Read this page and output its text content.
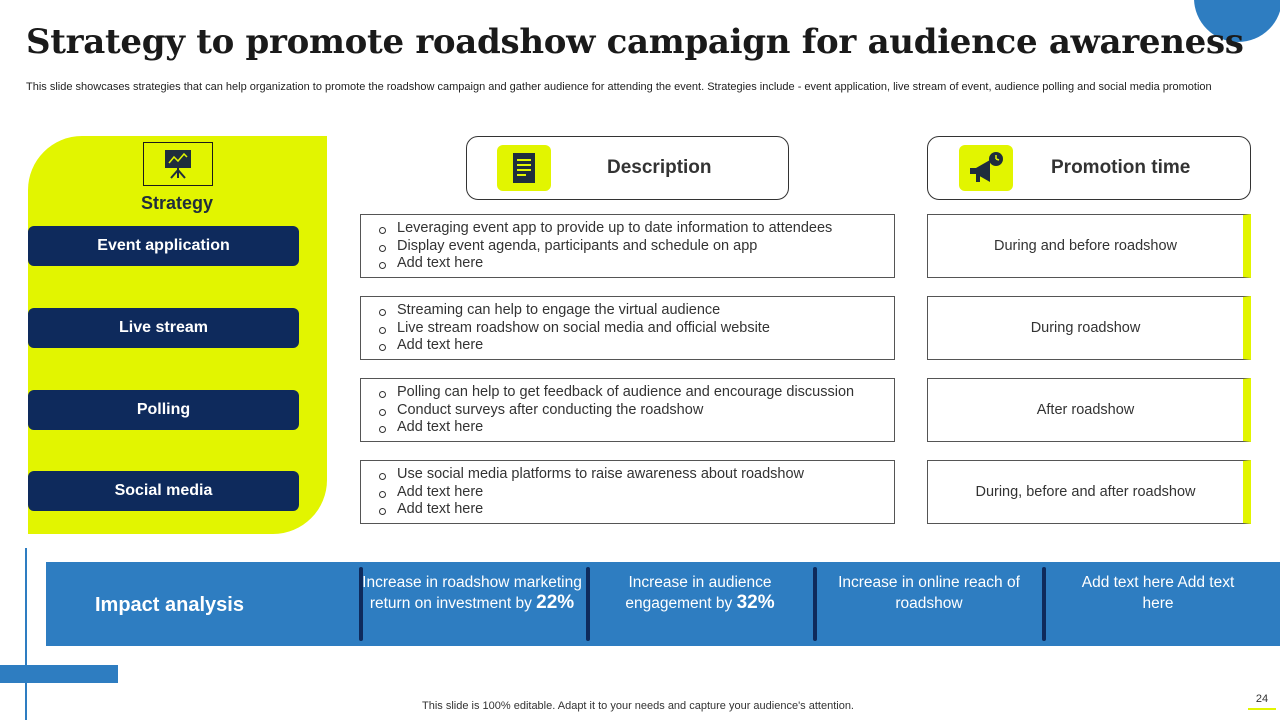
Strategy to promote roadshow campaign for audience awareness

This slide showcases strategies that can help organization to promote the roadshow campaign and gather audience for attending the event. Strategies include - event application, live stream of event, audience polling and social media promotion

Strategy
Event application
Live stream
Polling
Social media
Description	Promotion time
Leveraging event app to provide up to date information to attendees
Display event agenda, participants and schedule on app
Add text here
Streaming can help to engage the virtual audience
Live stream roadshow on social media and official website
Add text here
Polling can help to get feedback of audience and encourage discussion
Conduct surveys after conducting the roadshow
Add text here
Use social media platforms to raise awareness about roadshow
Add text here
Add text here
During and before roadshow
During roadshow
After roadshow
During, before and after roadshow
Impact analysis
Increase in roadshow marketing return on investment by 22%
Increase in audience engagement by 32%
Increase in online reach of roadshow
Add text here Add text here
This slide is 100% editable. Adapt it to your needs and capture your audience's attention.
24
